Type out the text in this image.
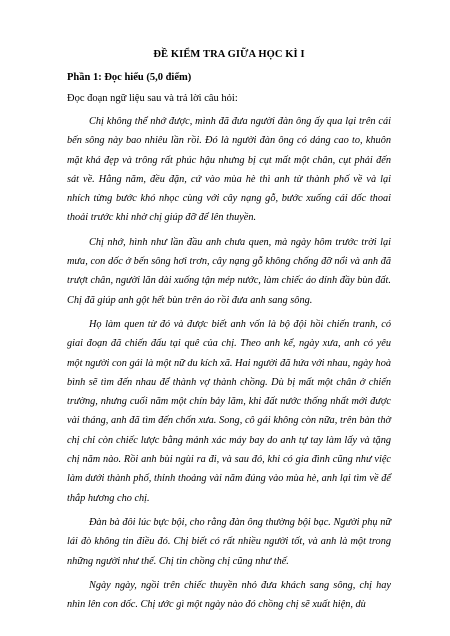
ĐỀ KIỂM TRA GIỮA HỌC KÌ I
Phần 1: Đọc hiểu (5,0 điểm)
Đọc đoạn ngữ liệu sau và trả lời câu hỏi:

Chị không thể nhớ được, mình đã đưa người đàn ông ấy qua lại trên cái bến sông này bao nhiêu lần rồi. Đó là người đàn ông có dáng cao to, khuôn mặt khá đẹp và trông rất phúc hậu nhưng bị cụt mất một chân, cụt phải đến sát về. Hằng năm, đều đặn, cứ vào mùa hè thì anh từ thành phố về và lại nhích từng bước khó nhọc cùng với cây nạng gỗ, bước xuống cái dốc thoai thoải trước khi nhờ chị giúp đỡ để lên thuyền.

Chị nhớ, hình như lần đầu anh chưa quen, mà ngày hôm trước trời lại mưa, con dốc ở bến sông hơi trơn, cây nạng gỗ không chống đỡ nổi và anh đã trượt chân, người lăn dài xuống tận mép nước, làm chiếc áo dính đầy bùn đất. Chị đã giúp anh gột hết bùn trên áo rồi đưa anh sang sông.

Họ làm quen từ đó và được biết anh vốn là bộ đội hồi chiến tranh, có giai đoạn đã chiến đấu tại quê của chị. Theo anh kể, ngày xưa, anh có yêu một người con gái là một nữ du kích xã. Hai người đã hứa với nhau, ngày hoà bình sẽ tìm đến nhau để thành vợ thành chồng. Dù bị mất một chân ở chiến trường, nhưng cuối năm một chín bảy lăm, khi đất nước thống nhất mới được vài tháng, anh đã tìm đến chốn xưa. Song, cô gái không còn nữa, trên bàn thờ chị chỉ còn chiếc lược bằng mảnh xác máy bay do anh tự tay làm lấy và tặng chị năm nào. Rồi anh bùi ngùi ra đi, và sau đó, khi có gia đình cũng như việc làm dưới thành phố, thỉnh thoảng vài năm đúng vào mùa hè, anh lại tìm về để thắp hương cho chị.

Đàn bà đôi lúc bực bội, cho rằng đàn ông thường bội bạc. Người phụ nữ lái đò không tin điều đó. Chị biết có rất nhiều người tốt, và anh là một trong những người như thế. Chị tin chồng chị cũng như thế.

Ngày ngày, ngồi trên chiếc thuyền nhỏ đưa khách sang sông, chị hay nhìn lên con dốc. Chị ước gì một ngày nào đó chồng chị sẽ xuất hiện, dù
